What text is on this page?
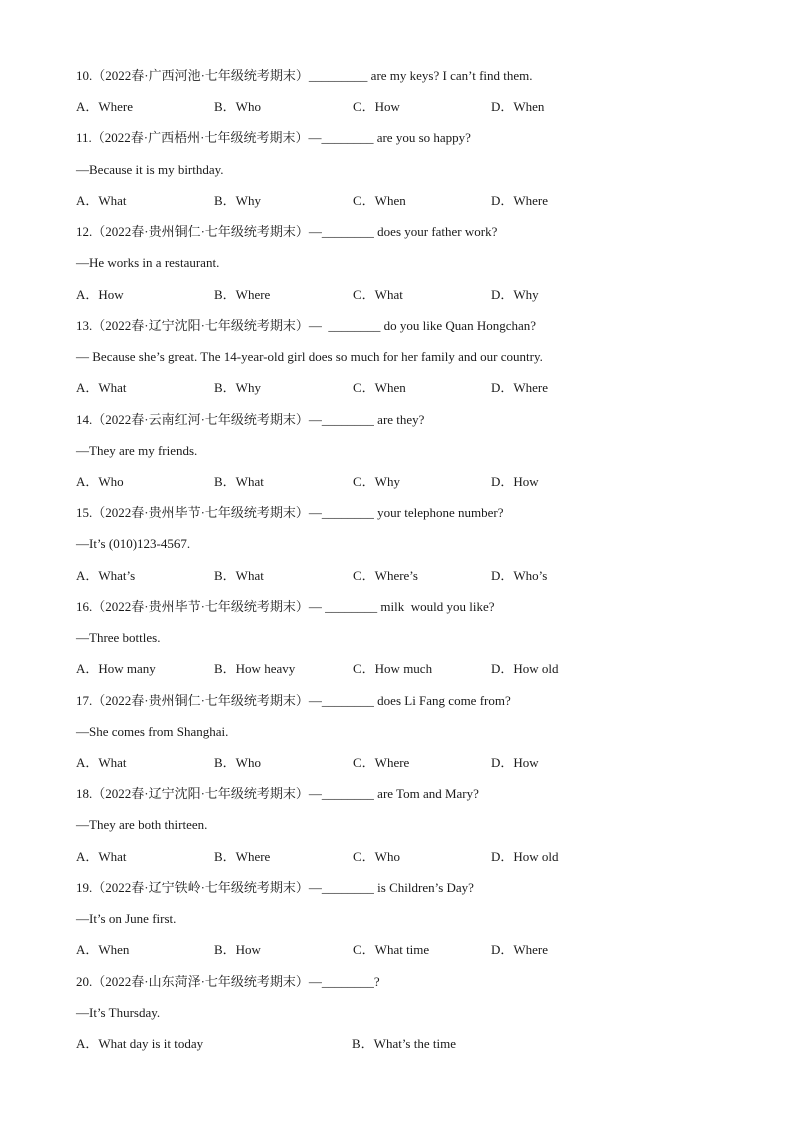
10.（2022春·广西河池·七年级统考期末）_________ are my keys? I can’t find them.
A．Where	B．Who	C．How	D．When
11.（2022春·广西梧州·七年级统考期末）—________ are you so happy?
—Because it is my birthday.
A．What	B．Why	C．When	D．Where
12.（2022春·贵州铜仁·七年级统考期末）—________ does your father work?
—He works in a restaurant.
A．How	B．Where	C．What	D．Why
13.（2022春·辽宁沈阳·七年级统考期末）—  ________ do you like Quan Hongchan?
— Because she’s great. The 14-year-old girl does so much for her family and our country.
A．What	B．Why	C．When	D．Where
14.（2022春·云南红河·七年级统考期末）—________ are they?
—They are my friends.
A．Who	B．What	C．Why	D．How
15.（2022春·贵州毕节·七年级统考期末）—________ your telephone number?
—It’s (010)123-4567.
A．What’s	B．What	C．Where’s	D．Who’s
16.（2022春·贵州毕节·七年级统考期末）— ________ milk  would you like?
—Three bottles.
A．How many	B．How heavy	C．How much	D．How old
17.（2022春·贵州铜仁·七年级统考期末）—________ does Li Fang come from?
—She comes from Shanghai.
A．What	B．Who	C．Where	D．How
18.（2022春·辽宁沈阳·七年级统考期末）—________ are Tom and Mary?
—They are both thirteen.
A．What	B．Where	C．Who	D．How old
19.（2022春·辽宁铁岭·七年级统考期末）—________ is Children’s Day?
—It’s on June first.
A．When	B．How	C．What time	D．Where
20.（2022春·山东菏泽·七年级统考期末）—________?
—It’s Thursday.
A．What day is it today	B．What’s the time
